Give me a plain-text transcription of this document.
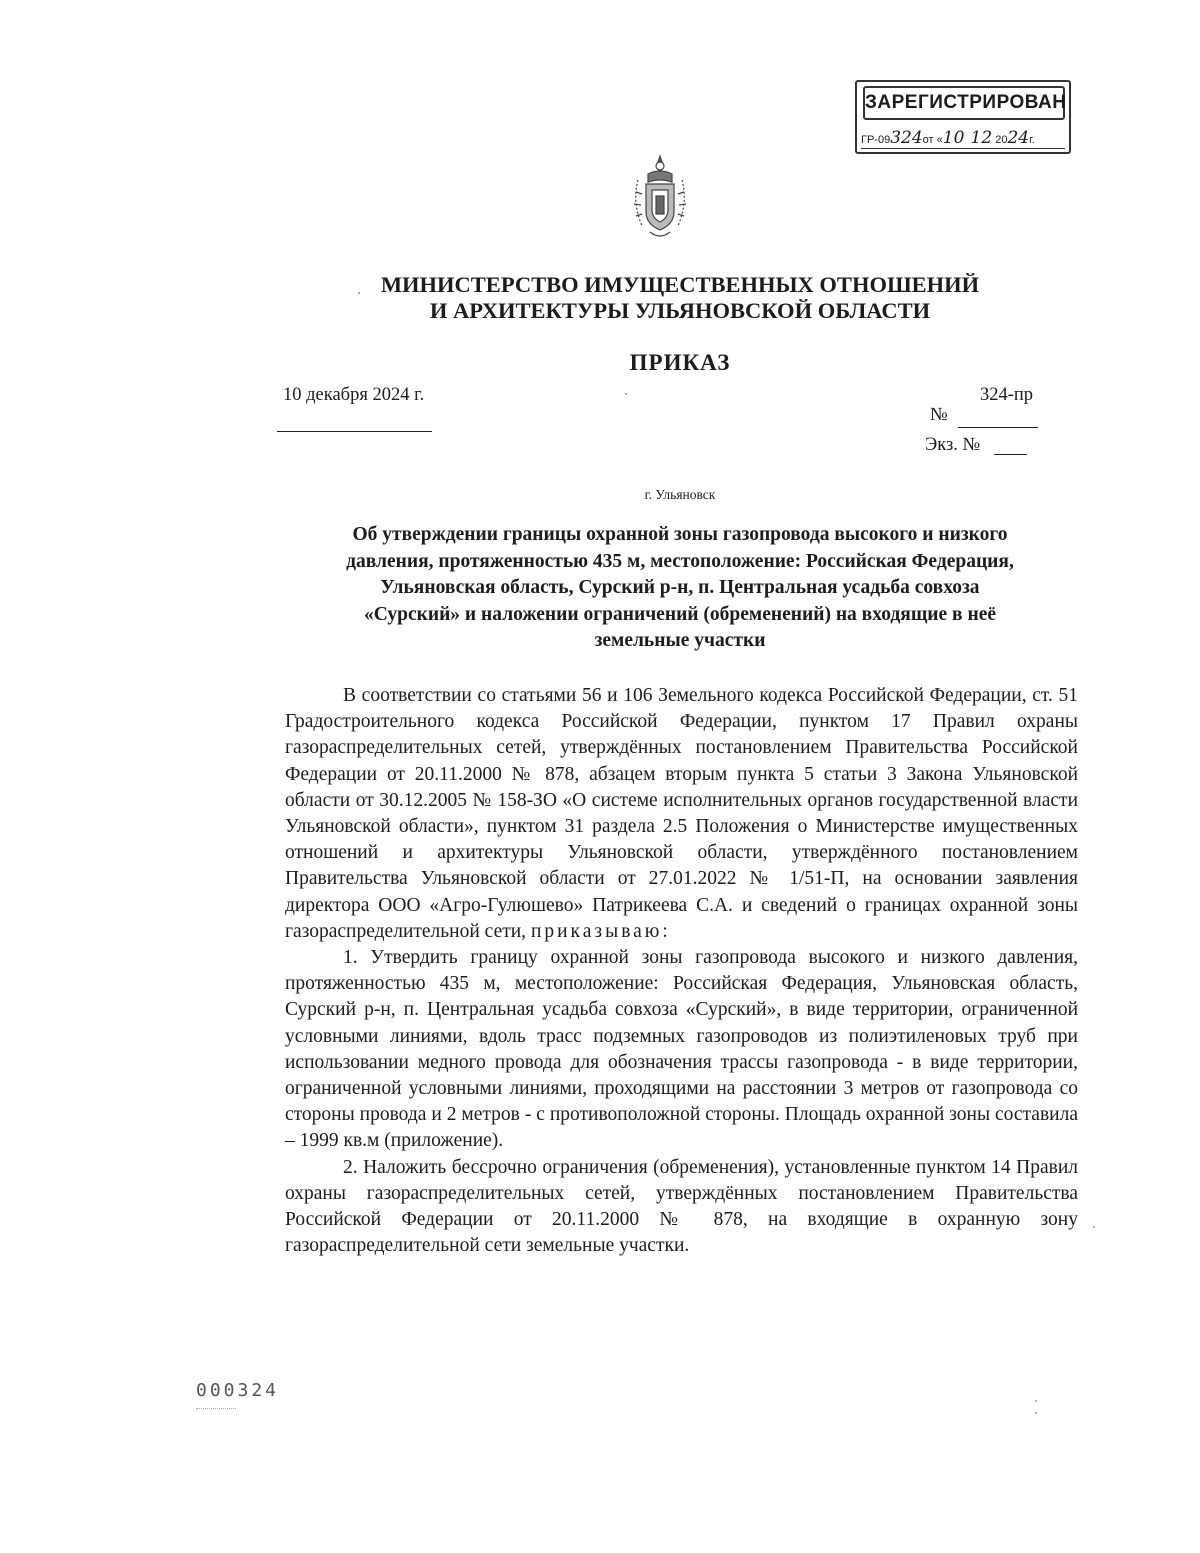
ЗАРЕГИСТРИРОВАН
ГР-09324от «10 12 2024г.
МИНИСТЕРСТВО ИМУЩЕСТВЕННЫХ ОТНОШЕНИЙ
И АРХИТЕКТУРЫ УЛЬЯНОВСКОЙ ОБЛАСТИ
ПРИКАЗ
10 декабря 2024 г.	324-пр
№
Экз. №
г. Ульяновск
Об утверждении границы охранной зоны газопровода высокого и низкого
давления, протяженностью 435 м, местоположение: Российская Федерация,
Ульяновская область, Сурский р-н, п. Центральная усадьба совхоза
«Сурский» и наложении ограничений (обременений) на входящие в неё
земельные участки

В соответствии со статьями 56 и 106 Земельного кодекса Российской Федерации, ст. 51 Градостроительного кодекса Российской Федерации, пунктом 17 Правил охраны газораспределительных сетей, утверждённых постановлением Правительства Российской Федерации от 20.11.2000 № 878, абзацем вторым пункта 5 статьи 3 Закона Ульяновской области от 30.12.2005 № 158-ЗО «О системе исполнительных органов государственной власти Ульяновской области», пунктом 31 раздела 2.5 Положения о Министерстве имущественных отношений и архитектуры Ульяновской области, утверждённого постановлением Правительства Ульяновской области от 27.01.2022 № 1/51-П, на основании заявления директора ООО «Агро-Гулюшево» Патрикеева С.А. и сведений о границах охранной зоны газораспределительной сети, приказываю:

1. Утвердить границу охранной зоны газопровода высокого и низкого давления, протяженностью 435 м, местоположение: Российская Федерация, Ульяновская область, Сурский р-н, п. Центральная усадьба совхоза «Сурский», в виде территории, ограниченной условными линиями, вдоль трасс подземных газопроводов из полиэтиленовых труб при использовании медного провода для обозначения трассы газопровода - в виде территории, ограниченной условными линиями, проходящими на расстоянии 3 метров от газопровода со стороны провода и 2 метров - с противоположной стороны. Площадь охранной зоны составила – 1999 кв.м (приложение).

2. Наложить бессрочно ограничения (обременения), установленные пунктом 14 Правил охраны газораспределительных сетей, утверждённых постановлением Правительства Российской Федерации от 20.11.2000 № 878, на входящие в охранную зону газораспределительной сети земельные участки.

000324
